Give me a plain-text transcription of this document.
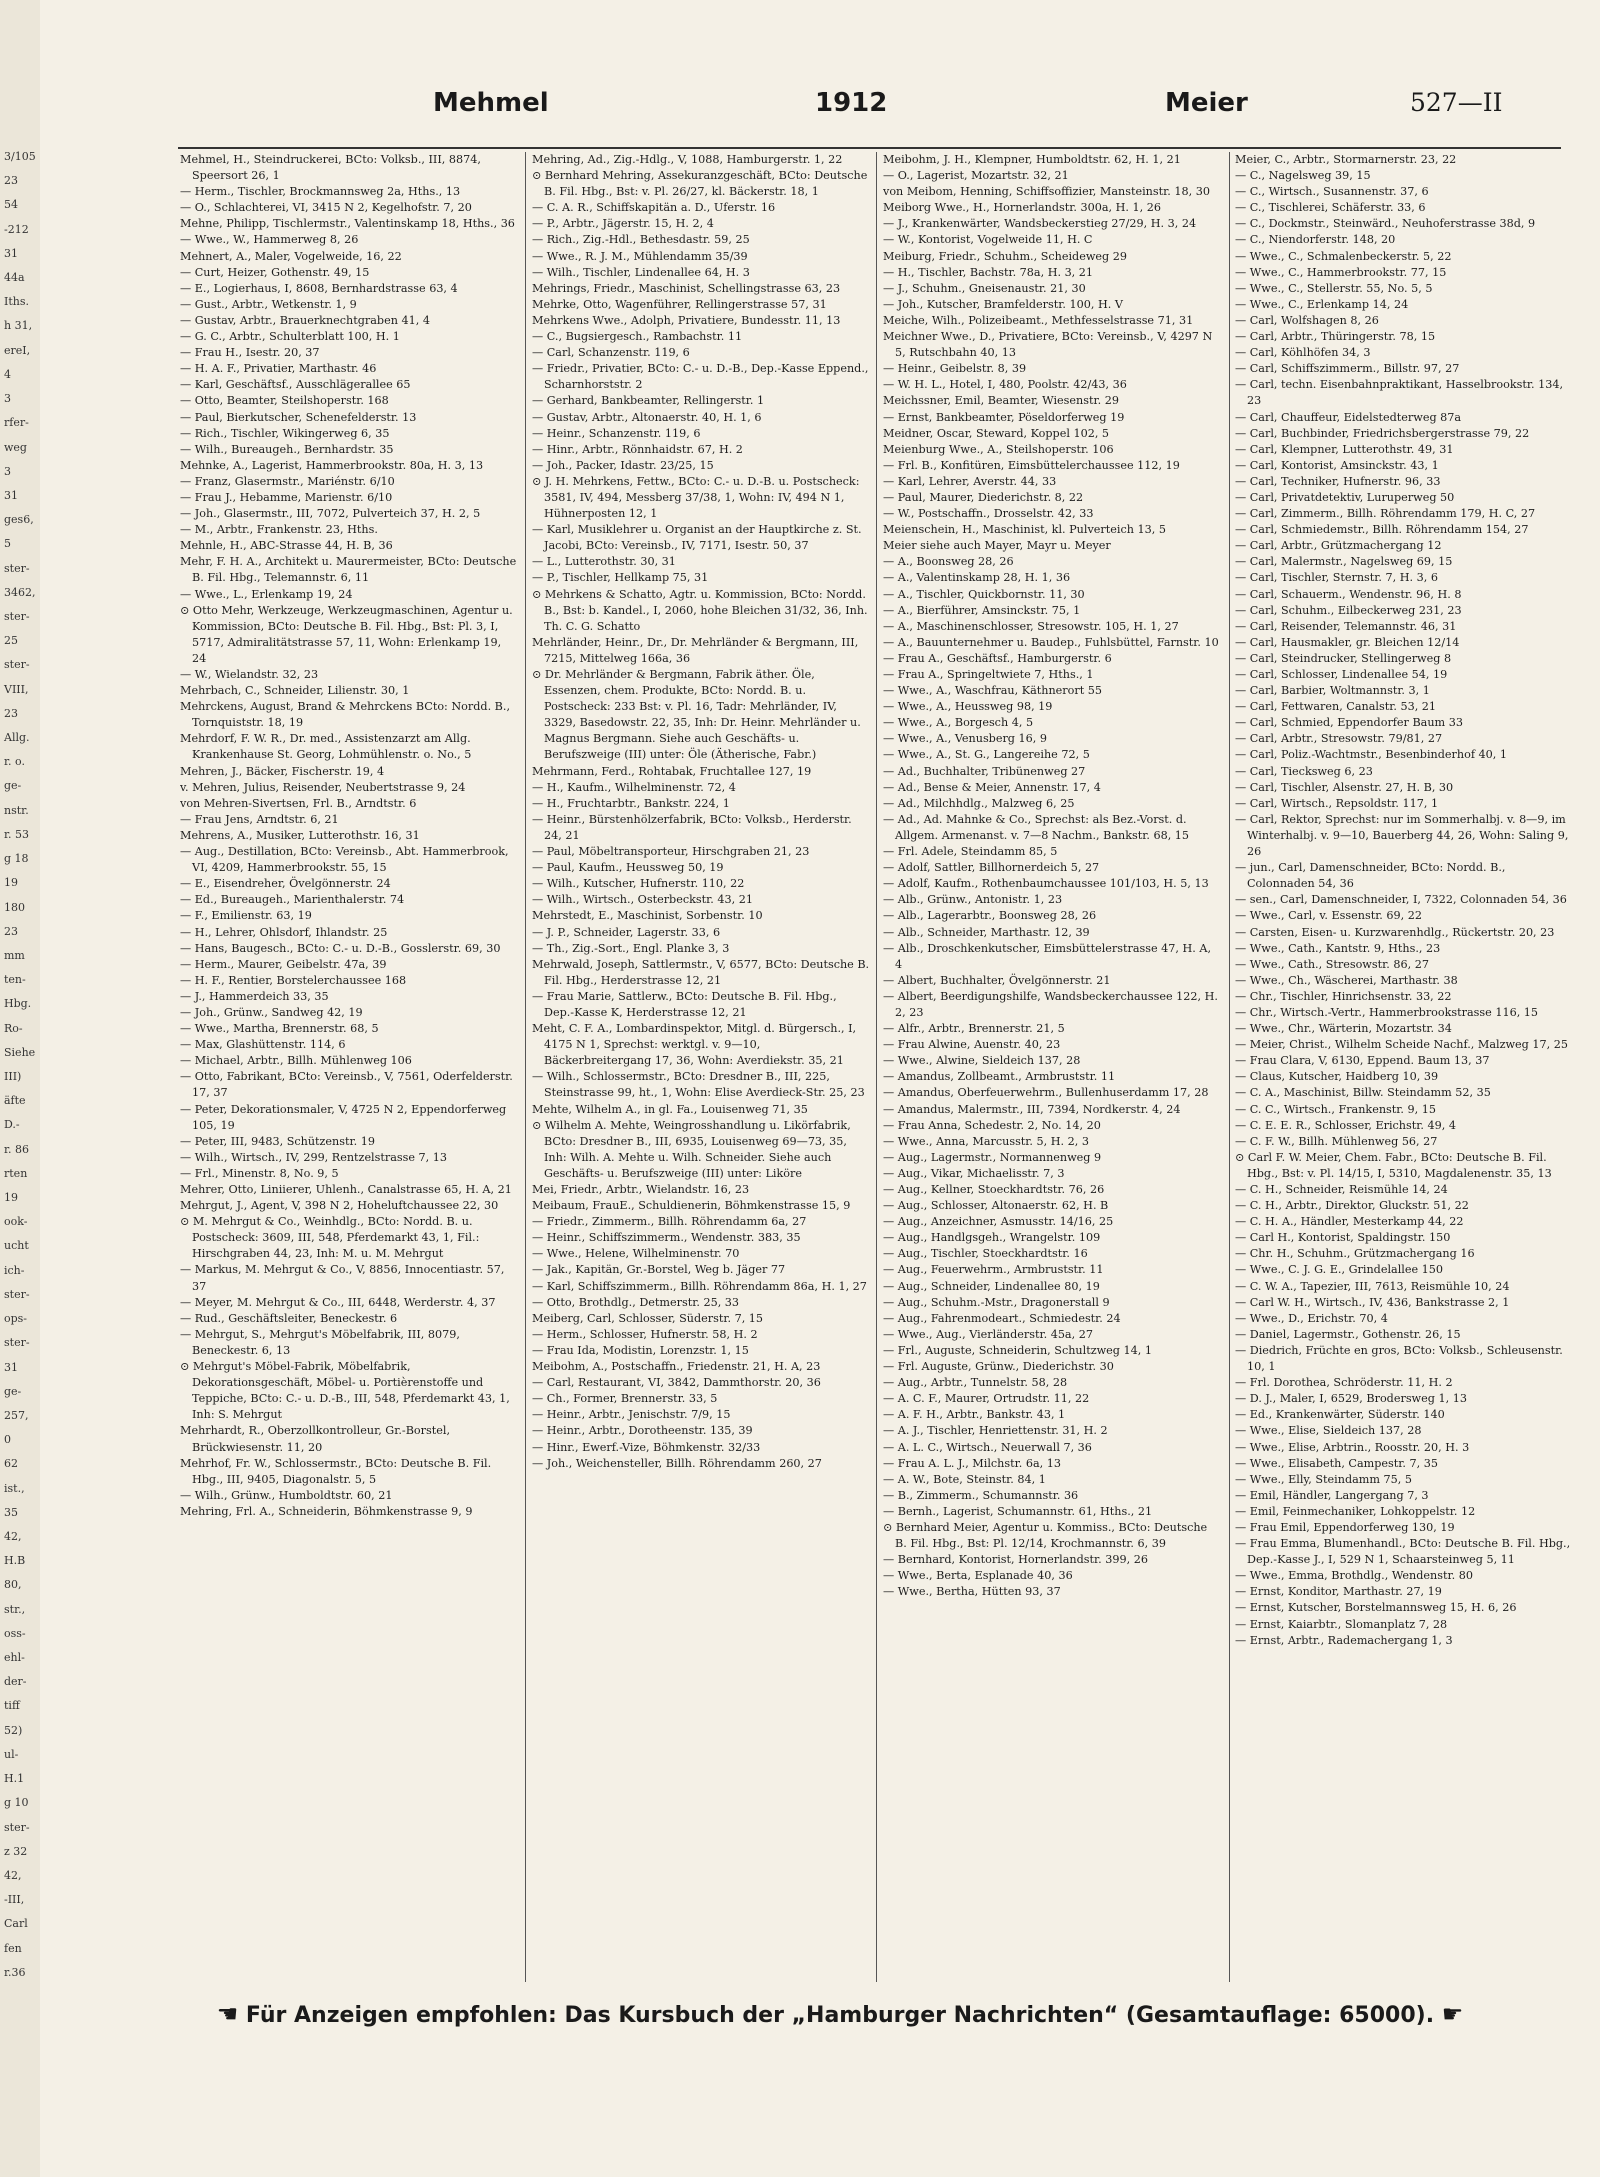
3/105
23
54
-212
31
44a
Iths.
h 31,
ereI,
4
3
rfer-
weg
3
31
ges6,
5
ster-
3462,
ster-
25
ster-
VIII,
23
Allg.
r. o.
ge-
nstr.
r. 53
g 18
19
180
23
mm
ten-
Hbg.
Ro-
Siehe
III)
äfte
D.-
r. 86
rten
19
ook-
ucht
ich-
ster-
ops-
ster-
31
ge-
257,
0
62
ist.,
35
42,
H.B
80,
str.,
oss-
ehl-
der-
tiff
52)
ul-
H.1
g 10
ster-
z 32
42,
-III,
Carl
fen
r.36
Mehmel	1912	Meier	527—II

Mehmel, H., Steindruckerei, BCto: Volksb., III, 8874, Speersort 26, 1

— Herm., Tischler, Brockmannsweg 2a, Hths., 13

— O., Schlachterei, VI, 3415 N 2, Kegelhofstr. 7, 20

Mehne, Philipp, Tischlermstr., Valentinskamp 18, Hths., 36

— Wwe., W., Hammerweg 8, 26

Mehnert, A., Maler, Vogelweide, 16, 22

— Curt, Heizer, Gothenstr. 49, 15

— E., Logierhaus, I, 8608, Bernhardstrasse 63, 4

— Gust., Arbtr., Wetkenstr. 1, 9

— Gustav, Arbtr., Brauerknechtgraben 41, 4

— G. C., Arbtr., Schulterblatt 100, H. 1

— Frau H., Isestr. 20, 37

— H. A. F., Privatier, Marthastr. 46

— Karl, Geschäftsf., Ausschlägerallee 65

— Otto, Beamter, Steilshoperstr. 168

— Paul, Bierkutscher, Schenefelderstr. 13

— Rich., Tischler, Wikingerweg 6, 35

— Wilh., Bureaugeh., Bernhardstr. 35

Mehnke, A., Lagerist, Hammerbrookstr. 80a, H. 3, 13

— Franz, Glasermstr., Mariénstr. 6/10

— Frau J., Hebamme, Marienstr. 6/10

— Joh., Glasermstr., III, 7072, Pulverteich 37, H. 2, 5

— M., Arbtr., Frankenstr. 23, Hths.

Mehnle, H., ABC-Strasse 44, H. B, 36

Mehr, F. H. A., Architekt u. Maurermeister, BCto: Deutsche B. Fil. Hbg., Telemannstr. 6, 11

— Wwe., L., Erlenkamp 19, 24

⊙ Otto Mehr, Werkzeuge, Werkzeugmaschinen, Agentur u. Kommission, BCto: Deutsche B. Fil. Hbg., Bst: Pl. 3, I, 5717, Admiralitätstrasse 57, 11, Wohn: Erlenkamp 19, 24

— W., Wielandstr. 32, 23

Mehrbach, C., Schneider, Lilienstr. 30, 1

Mehrckens, August, Brand & Mehrckens BCto: Nordd. B., Tornquiststr. 18, 19

Mehrdorf, F. W. R., Dr. med., Assistenzarzt am Allg. Krankenhause St. Georg, Lohmühlenstr. o. No., 5

Mehren, J., Bäcker, Fischerstr. 19, 4

v. Mehren, Julius, Reisender, Neubertstrasse 9, 24

von Mehren-Sivertsen, Frl. B., Arndtstr. 6

— Frau Jens, Arndtstr. 6, 21

Mehrens, A., Musiker, Lutterothstr. 16, 31

— Aug., Destillation, BCto: Vereinsb., Abt. Hammerbrook, VI, 4209, Hammerbrookstr. 55, 15

— E., Eisendreher, Övelgönnerstr. 24

— Ed., Bureaugeh., Marienthalerstr. 74

— F., Emilienstr. 63, 19

— H., Lehrer, Ohlsdorf, Ihlandstr. 25

— Hans, Baugesch., BCto: C.- u. D.-B., Gosslerstr. 69, 30

— Herm., Maurer, Geibelstr. 47a, 39

— H. F., Rentier, Borstelerchaussee 168

— J., Hammerdeich 33, 35

— Joh., Grünw., Sandweg 42, 19

— Wwe., Martha, Brennerstr. 68, 5

— Max, Glashüttenstr. 114, 6

— Michael, Arbtr., Billh. Mühlenweg 106

— Otto, Fabrikant, BCto: Vereinsb., V, 7561, Oderfelderstr. 17, 37

— Peter, Dekorationsmaler, V, 4725 N 2, Eppendorferweg 105, 19

— Peter, III, 9483, Schützenstr. 19

— Wilh., Wirtsch., IV, 299, Rentzelstrasse 7, 13

— Frl., Minenstr. 8, No. 9, 5

Mehrer, Otto, Liniierer, Uhlenh., Canalstrasse 65, H. A, 21

Mehrgut, J., Agent, V, 398 N 2, Hoheluftchaussee 22, 30

⊙ M. Mehrgut & Co., Weinhdlg., BCto: Nordd. B. u. Postscheck: 3609, III, 548, Pferdemarkt 43, 1, Fil.: Hirschgraben 44, 23, Inh: M. u. M. Mehrgut

— Markus, M. Mehrgut & Co., V, 8856, Innocentiastr. 57, 37

— Meyer, M. Mehrgut & Co., III, 6448, Werderstr. 4, 37

— Rud., Geschäftsleiter, Beneckestr. 6

— Mehrgut, S., Mehrgut's Möbelfabrik, III, 8079, Beneckestr. 6, 13

⊙ Mehrgut's Möbel-Fabrik, Möbelfabrik, Dekorationsgeschäft, Möbel- u. Portièrenstoffe und Teppiche, BCto: C.- u. D.-B., III, 548, Pferdemarkt 43, 1, Inh: S. Mehrgut

Mehrhardt, R., Oberzollkontrolleur, Gr.-Borstel, Brückwiesenstr. 11, 20

Mehrhof, Fr. W., Schlossermstr., BCto: Deutsche B. Fil. Hbg., III, 9405, Diagonalstr. 5, 5

— Wilh., Grünw., Humboldtstr. 60, 21

Mehring, Frl. A., Schneiderin, Böhmkenstrasse 9, 9

Mehring, Ad., Zig.-Hdlg., V, 1088, Hamburgerstr. 1, 22

⊙ Bernhard Mehring, Assekuranzgeschäft, BCto: Deutsche B. Fil. Hbg., Bst: v. Pl. 26/27, kl. Bäckerstr. 18, 1

— C. A. R., Schiffskapitän a. D., Uferstr. 16

— P., Arbtr., Jägerstr. 15, H. 2, 4

— Rich., Zig.-Hdl., Bethesdastr. 59, 25

— Wwe., R. J. M., Mühlendamm 35/39

— Wilh., Tischler, Lindenallee 64, H. 3

Mehrings, Friedr., Maschinist, Schellingstrasse 63, 23

Mehrke, Otto, Wagenführer, Rellingerstrasse 57, 31

Mehrkens Wwe., Adolph, Privatiere, Bundesstr. 11, 13

— C., Bugsiergesch., Rambachstr. 11

— Carl, Schanzenstr. 119, 6

— Friedr., Privatier, BCto: C.- u. D.-B., Dep.-Kasse Eppend., Scharnhorststr. 2

— Gerhard, Bankbeamter, Rellingerstr. 1

— Gustav, Arbtr., Altonaerstr. 40, H. 1, 6

— Heinr., Schanzenstr. 119, 6

— Hinr., Arbtr., Rönnhaidstr. 67, H. 2

— Joh., Packer, Idastr. 23/25, 15

⊙ J. H. Mehrkens, Fettw., BCto: C.- u. D.-B. u. Postscheck: 3581, IV, 494, Messberg 37/38, 1, Wohn: IV, 494 N 1, Hühnerposten 12, 1

— Karl, Musiklehrer u. Organist an der Hauptkirche z. St. Jacobi, BCto: Vereinsb., IV, 7171, Isestr. 50, 37

— L., Lutterothstr. 30, 31

— P., Tischler, Hellkamp 75, 31

⊙ Mehrkens & Schatto, Agtr. u. Kommission, BCto: Nordd. B., Bst: b. Kandel., I, 2060, hohe Bleichen 31/32, 36, Inh. Th. C. G. Schatto

Mehrländer, Heinr., Dr., Dr. Mehrländer & Bergmann, III, 7215, Mittelweg 166a, 36

⊙ Dr. Mehrländer & Bergmann, Fabrik äther. Öle, Essenzen, chem. Produkte, BCto: Nordd. B. u. Postscheck: 233 Bst: v. Pl. 16, Tadr: Mehrländer, IV, 3329, Basedowstr. 22, 35, Inh: Dr. Heinr. Mehrländer u. Magnus Bergmann. Siehe auch Geschäfts- u. Berufszweige (III) unter: Öle (Ätherische, Fabr.)

Mehrmann, Ferd., Rohtabak, Fruchtallee 127, 19

— H., Kaufm., Wilhelminenstr. 72, 4

— H., Fruchtarbtr., Bankstr. 224, 1

— Heinr., Bürstenhölzerfabrik, BCto: Volksb., Herderstr. 24, 21

— Paul, Möbeltransporteur, Hirschgraben 21, 23

— Paul, Kaufm., Heussweg 50, 19

— Wilh., Kutscher, Hufnerstr. 110, 22

— Wilh., Wirtsch., Osterbeckstr. 43, 21

Mehrstedt, E., Maschinist, Sorbenstr. 10

— J. P., Schneider, Lagerstr. 33, 6

— Th., Zig.-Sort., Engl. Planke 3, 3

Mehrwald, Joseph, Sattlermstr., V, 6577, BCto: Deutsche B. Fil. Hbg., Herderstrasse 12, 21

— Frau Marie, Sattlerw., BCto: Deutsche B. Fil. Hbg., Dep.-Kasse K, Herderstrasse 12, 21

Meht, C. F. A., Lombardinspektor, Mitgl. d. Bürgersch., I, 4175 N 1, Sprechst: werktgl. v. 9—10, Bäckerbreitergang 17, 36, Wohn: Averdiekstr. 35, 21

— Wilh., Schlossermstr., BCto: Dresdner B., III, 225, Steinstrasse 99, ht., 1, Wohn: Elise Averdieck-Str. 25, 23

Mehte, Wilhelm A., in gl. Fa., Louisenweg 71, 35

⊙ Wilhelm A. Mehte, Weingrosshandlung u. Likörfabrik, BCto: Dresdner B., III, 6935, Louisenweg 69—73, 35, Inh: Wilh. A. Mehte u. Wilh. Schneider. Siehe auch Geschäfts- u. Berufszweige (III) unter: Liköre

Mei, Friedr., Arbtr., Wielandstr. 16, 23

Meibaum, FrauE., Schuldienerin, Böhmkenstrasse 15, 9

— Friedr., Zimmerm., Billh. Röhrendamm 6a, 27

— Heinr., Schiffszimmerm., Wendenstr. 383, 35

— Wwe., Helene, Wilhelminenstr. 70

— Jak., Kapitän, Gr.-Borstel, Weg b. Jäger 77

— Karl, Schiffszimmerm., Billh. Röhrendamm 86a, H. 1, 27

— Otto, Brothdlg., Detmerstr. 25, 33

Meiberg, Carl, Schlosser, Süderstr. 7, 15

— Herm., Schlosser, Hufnerstr. 58, H. 2

— Frau Ida, Modistin, Lorenzstr. 1, 15

Meibohm, A., Postschaffn., Friedenstr. 21, H. A, 23

— Carl, Restaurant, VI, 3842, Dammthorstr. 20, 36

— Ch., Former, Brennerstr. 33, 5

— Heinr., Arbtr., Jenischstr. 7/9, 15

— Heinr., Arbtr., Dorotheenstr. 135, 39

— Hinr., Ewerf.-Vize, Böhmkenstr. 32/33

— Joh., Weichensteller, Billh. Röhrendamm 260, 27

Meibohm, J. H., Klempner, Humboldtstr. 62, H. 1, 21

— O., Lagerist, Mozartstr. 32, 21

von Meibom, Henning, Schiffsoffizier, Mansteinstr. 18, 30

Meiborg Wwe., H., Hornerlandstr. 300a, H. 1, 26

— J., Krankenwärter, Wandsbeckerstieg 27/29, H. 3, 24

— W., Kontorist, Vogelweide 11, H. C

Meiburg, Friedr., Schuhm., Scheideweg 29

— H., Tischler, Bachstr. 78a, H. 3, 21

— J., Schuhm., Gneisenaustr. 21, 30

— Joh., Kutscher, Bramfelderstr. 100, H. V

Meiche, Wilh., Polizeibeamt., Methfesselstrasse 71, 31

Meichner Wwe., D., Privatiere, BCto: Vereinsb., V, 4297 N 5, Rutschbahn 40, 13

— Heinr., Geibelstr. 8, 39

— W. H. L., Hotel, I, 480, Poolstr. 42/43, 36

Meichssner, Emil, Beamter, Wiesenstr. 29

— Ernst, Bankbeamter, Pöseldorferweg 19

Meidner, Oscar, Steward, Koppel 102, 5

Meienburg Wwe., A., Steilshoperstr. 106

— Frl. B., Konfitüren, Eimsbüttelerchaussee 112, 19

— Karl, Lehrer, Averstr. 44, 33

— Paul, Maurer, Diederichstr. 8, 22

— W., Postschaffn., Drosselstr. 42, 33

Meienschein, H., Maschinist, kl. Pulverteich 13, 5

Meier siehe auch Mayer, Mayr u. Meyer

— A., Boonsweg 28, 26

— A., Valentinskamp 28, H. 1, 36

— A., Tischler, Quickbornstr. 11, 30

— A., Bierführer, Amsinckstr. 75, 1

— A., Maschinenschlosser, Stresowstr. 105, H. 1, 27

— A., Bauunternehmer u. Baudep., Fuhlsbüttel, Farnstr. 10

— Frau A., Geschäftsf., Hamburgerstr. 6

— Frau A., Springeltwiete 7, Hths., 1

— Wwe., A., Waschfrau, Käthnerort 55

— Wwe., A., Heussweg 98, 19

— Wwe., A., Borgesch 4, 5

— Wwe., A., Venusberg 16, 9

— Wwe., A., St. G., Langereihe 72, 5

— Ad., Buchhalter, Tribünenweg 27

— Ad., Bense & Meier, Annenstr. 17, 4

— Ad., Milchhdlg., Malzweg 6, 25

— Ad., Ad. Mahnke & Co., Sprechst: als Bez.-Vorst. d. Allgem. Armenanst. v. 7—8 Nachm., Bankstr. 68, 15

— Frl. Adele, Steindamm 85, 5

— Adolf, Sattler, Billhornerdeich 5, 27

— Adolf, Kaufm., Rothenbaumchaussee 101/103, H. 5, 13

— Alb., Grünw., Antonistr. 1, 23

— Alb., Lagerarbtr., Boonsweg 28, 26

— Alb., Schneider, Marthastr. 12, 39

— Alb., Droschkenkutscher, Eimsbüttelerstrasse 47, H. A, 4

— Albert, Buchhalter, Övelgönnerstr. 21

— Albert, Beerdigungshilfe, Wandsbeckerchaussee 122, H. 2, 23

— Alfr., Arbtr., Brennerstr. 21, 5

— Frau Alwine, Auenstr. 40, 23

— Wwe., Alwine, Sieldeich 137, 28

— Amandus, Zollbeamt., Armbruststr. 11

— Amandus, Oberfeuerwehrm., Bullenhuserdamm 17, 28

— Amandus, Malermstr., III, 7394, Nordkerstr. 4, 24

— Frau Anna, Schedestr. 2, No. 14, 20

— Wwe., Anna, Marcusstr. 5, H. 2, 3

— Aug., Lagermstr., Normannenweg 9

— Aug., Vikar, Michaelisstr. 7, 3

— Aug., Kellner, Stoeckhardtstr. 76, 26

— Aug., Schlosser, Altonaerstr. 62, H. B

— Aug., Anzeichner, Asmusstr. 14/16, 25

— Aug., Handlgsgeh., Wrangelstr. 109

— Aug., Tischler, Stoeckhardtstr. 16

— Aug., Feuerwehrm., Armbruststr. 11

— Aug., Schneider, Lindenallee 80, 19

— Aug., Schuhm.-Mstr., Dragonerstall 9

— Aug., Fahrenmodeart., Schmiedestr. 24

— Wwe., Aug., Vierländerstr. 45a, 27

— Frl., Auguste, Schneiderin, Schultzweg 14, 1

— Frl. Auguste, Grünw., Diederichstr. 30

— Aug., Arbtr., Tunnelstr. 58, 28

— A. C. F., Maurer, Ortrudstr. 11, 22

— A. F. H., Arbtr., Bankstr. 43, 1

— A. J., Tischler, Henriettenstr. 31, H. 2

— A. L. C., Wirtsch., Neuerwall 7, 36

— Frau A. L. J., Milchstr. 6a, 13

— A. W., Bote, Steinstr. 84, 1

— B., Zimmerm., Schumannstr. 36

— Bernh., Lagerist, Schumannstr. 61, Hths., 21

⊙ Bernhard Meier, Agentur u. Kommiss., BCto: Deutsche B. Fil. Hbg., Bst: Pl. 12/14, Krochmannstr. 6, 39

— Bernhard, Kontorist, Hornerlandstr. 399, 26

— Wwe., Berta, Esplanade 40, 36

— Wwe., Bertha, Hütten 93, 37

Meier, C., Arbtr., Stormarnerstr. 23, 22

— C., Nagelsweg 39, 15

— C., Wirtsch., Susannenstr. 37, 6

— C., Tischlerei, Schäferstr. 33, 6

— C., Dockmstr., Steinwärd., Neuhoferstrasse 38d, 9

— C., Niendorferstr. 148, 20

— Wwe., C., Schmalenbeckerstr. 5, 22

— Wwe., C., Hammerbrookstr. 77, 15

— Wwe., C., Stellerstr. 55, No. 5, 5

— Wwe., C., Erlenkamp 14, 24

— Carl, Wolfshagen 8, 26

— Carl, Arbtr., Thüringerstr. 78, 15

— Carl, Köhlhöfen 34, 3

— Carl, Schiffszimmerm., Billstr. 97, 27

— Carl, techn. Eisenbahnpraktikant, Hasselbrookstr. 134, 23

— Carl, Chauffeur, Eidelstedterweg 87a

— Carl, Buchbinder, Friedrichsbergerstrasse 79, 22

— Carl, Klempner, Lutterothstr. 49, 31

— Carl, Kontorist, Amsinckstr. 43, 1

— Carl, Techniker, Hufnerstr. 96, 33

— Carl, Privatdetektiv, Luruperweg 50

— Carl, Zimmerm., Billh. Röhrendamm 179, H. C, 27

— Carl, Schmiedemstr., Billh. Röhrendamm 154, 27

— Carl, Arbtr., Grützmachergang 12

— Carl, Malermstr., Nagelsweg 69, 15

— Carl, Tischler, Sternstr. 7, H. 3, 6

— Carl, Schauerm., Wendenstr. 96, H. 8

— Carl, Schuhm., Eilbeckerweg 231, 23

— Carl, Reisender, Telemannstr. 46, 31

— Carl, Hausmakler, gr. Bleichen 12/14

— Carl, Steindrucker, Stellingerweg 8

— Carl, Schlosser, Lindenallee 54, 19

— Carl, Barbier, Woltmannstr. 3, 1

— Carl, Fettwaren, Canalstr. 53, 21

— Carl, Schmied, Eppendorfer Baum 33

— Carl, Arbtr., Stresowstr. 79/81, 27

— Carl, Poliz.-Wachtmstr., Besenbinderhof 40, 1

— Carl, Tiecksweg 6, 23

— Carl, Tischler, Alsenstr. 27, H. B, 30

— Carl, Wirtsch., Repsoldstr. 117, 1

— Carl, Rektor, Sprechst: nur im Sommerhalbj. v. 8—9, im Winterhalbj. v. 9—10, Bauerberg 44, 26, Wohn: Saling 9, 26

— jun., Carl, Damenschneider, BCto: Nordd. B., Colonnaden 54, 36

— sen., Carl, Damenschneider, I, 7322, Colonnaden 54, 36

— Wwe., Carl, v. Essenstr. 69, 22

— Carsten, Eisen- u. Kurzwarenhdlg., Rückertstr. 20, 23

— Wwe., Cath., Kantstr. 9, Hths., 23

— Wwe., Cath., Stresowstr. 86, 27

— Wwe., Ch., Wäscherei, Marthastr. 38

— Chr., Tischler, Hinrichsenstr. 33, 22

— Chr., Wirtsch.-Vertr., Hammerbrookstrasse 116, 15

— Wwe., Chr., Wärterin, Mozartstr. 34

— Meier, Christ., Wilhelm Scheide Nachf., Malzweg 17, 25

— Frau Clara, V, 6130, Eppend. Baum 13, 37

— Claus, Kutscher, Haidberg 10, 39

— C. A., Maschinist, Billw. Steindamm 52, 35

— C. C., Wirtsch., Frankenstr. 9, 15

— C. E. E. R., Schlosser, Erichstr. 49, 4

— C. F. W., Billh. Mühlenweg 56, 27

⊙ Carl F. W. Meier, Chem. Fabr., BCto: Deutsche B. Fil. Hbg., Bst: v. Pl. 14/15, I, 5310, Magdalenenstr. 35, 13

— C. H., Schneider, Reismühle 14, 24

— C. H., Arbtr., Direktor, Gluckstr. 51, 22

— C. H. A., Händler, Mesterkamp 44, 22

— Carl H., Kontorist, Spaldingstr. 150

— Chr. H., Schuhm., Grützmachergang 16

— Wwe., C. J. G. E., Grindelallee 150

— C. W. A., Tapezier, III, 7613, Reismühle 10, 24

— Carl W. H., Wirtsch., IV, 436, Bankstrasse 2, 1

— Wwe., D., Erichstr. 70, 4

— Daniel, Lagermstr., Gothenstr. 26, 15

— Diedrich, Früchte en gros, BCto: Volksb., Schleusenstr. 10, 1

— Frl. Dorothea, Schröderstr. 11, H. 2

— D. J., Maler, I, 6529, Brodersweg 1, 13

— Ed., Krankenwärter, Süderstr. 140

— Wwe., Elise, Sieldeich 137, 28

— Wwe., Elise, Arbtrin., Roosstr. 20, H. 3

— Wwe., Elisabeth, Campestr. 7, 35

— Wwe., Elly, Steindamm 75, 5

— Emil, Händler, Langergang 7, 3

— Emil, Feinmechaniker, Lohkoppelstr. 12

— Frau Emil, Eppendorferweg 130, 19

— Frau Emma, Blumenhandl., BCto: Deutsche B. Fil. Hbg., Dep.-Kasse J., I, 529 N 1, Schaarsteinweg 5, 11

— Wwe., Emma, Brothdlg., Wendenstr. 80

— Ernst, Konditor, Marthastr. 27, 19

— Ernst, Kutscher, Borstelmannsweg 15, H. 6, 26

— Ernst, Kaiarbtr., Slomanplatz 7, 28

— Ernst, Arbtr., Rademachergang 1, 3

☚ Für Anzeigen empfohlen: Das Kursbuch der „Hamburger Nachrichten“ (Gesamtauflage: 65000). ☛
